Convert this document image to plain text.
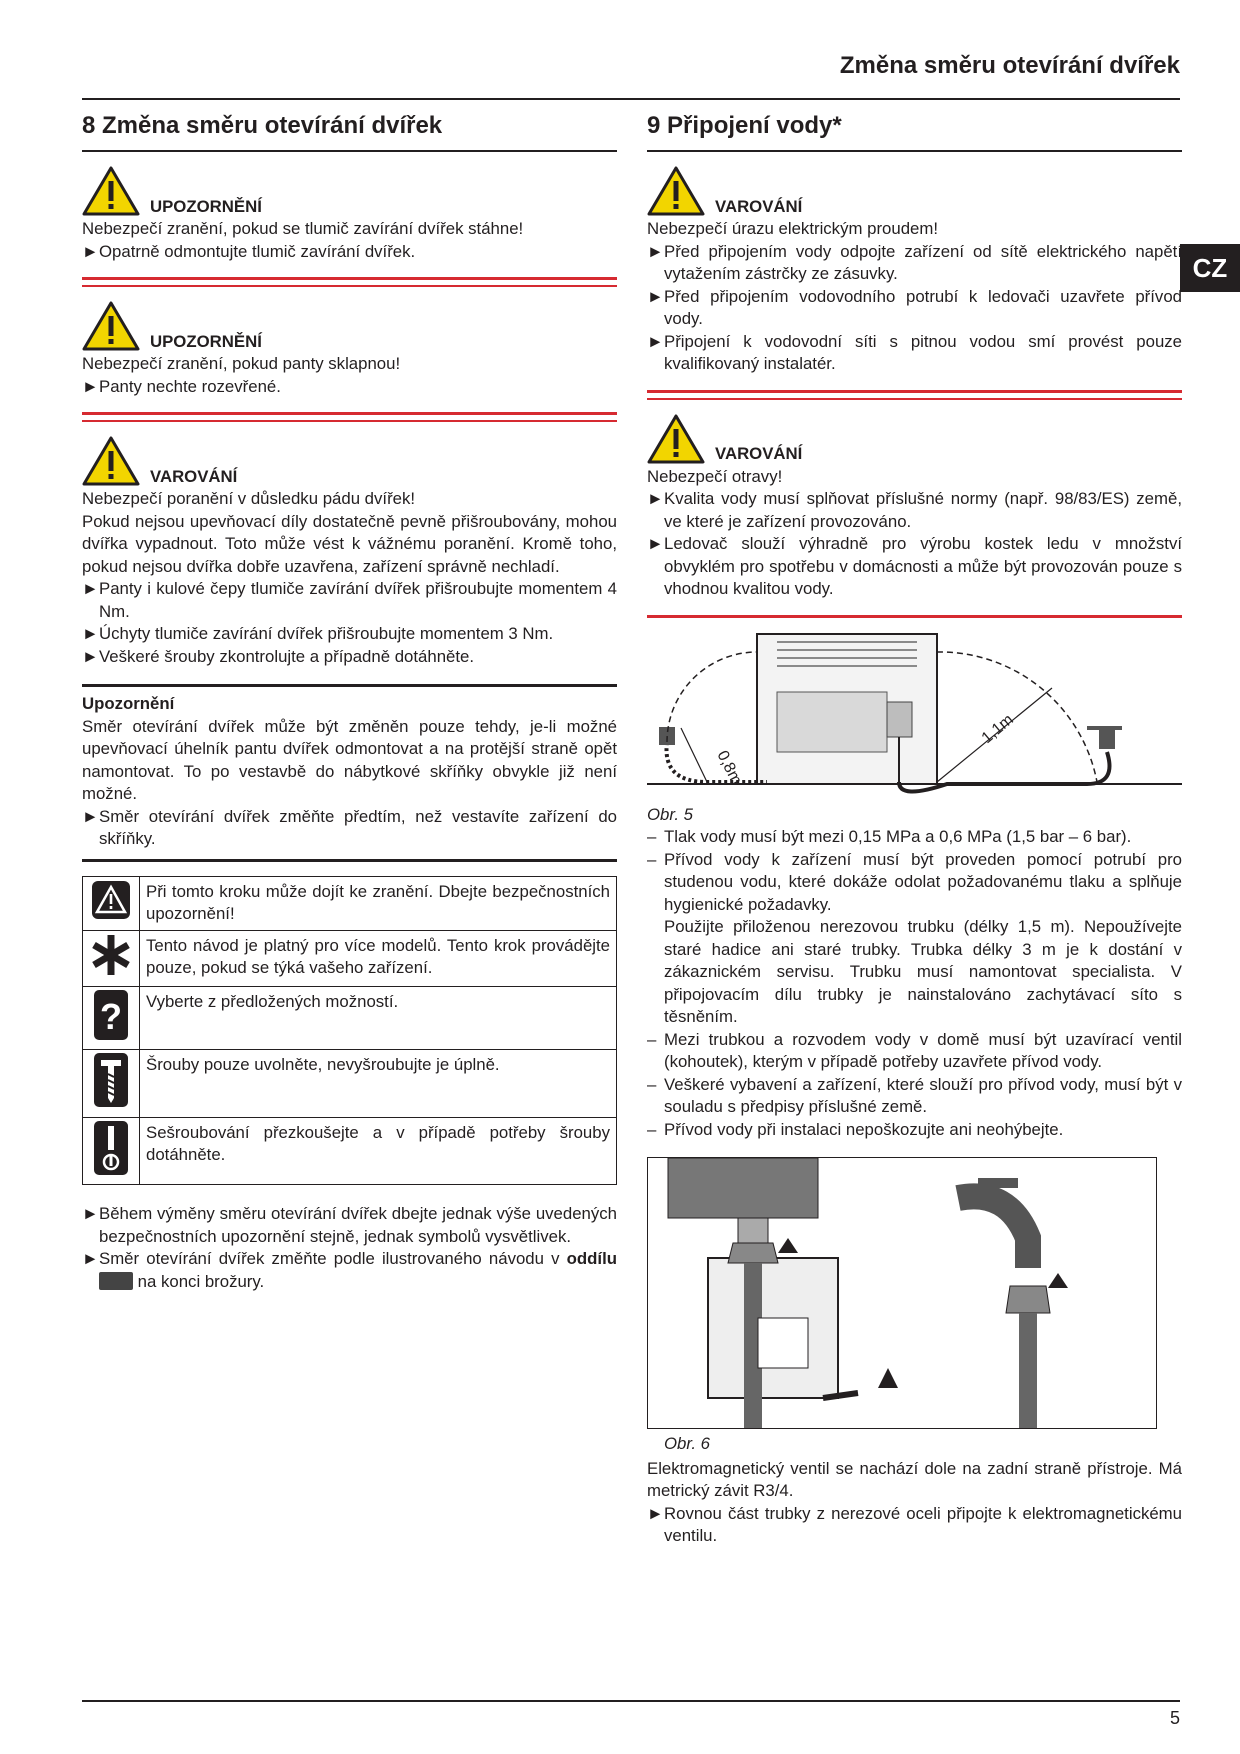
Změna směru otevírání dvířek
CZ
8 Změna směru otevírání dvířek
UPOZORNĚNÍ

Nebezpečí zranění, pokud se tlumič zavírání dvířek stáhne!

► Opatrně odmontujte tlumič zavírání dvířek.
UPOZORNĚNÍ

Nebezpečí zranění, pokud panty sklapnou!

► Panty nechte rozevřené.
VAROVÁNÍ

Nebezpečí poranění v důsledku pádu dvířek!

Pokud nejsou upevňovací díly dostatečně pevně přišroubovány, mohou dvířka vypadnout. Toto může vést k vážnému poranění. Kromě toho, pokud nejsou dvířka dobře uzavřena, zařízení správně nechladí.

► Panty i kulové čepy tlumiče zavírání dvířek přišroubujte momentem 4 Nm.
► Úchyty tlumiče zavírání dvířek přišroubujte momentem 3 Nm.
► Veškeré šrouby zkontrolujte a případně dotáhněte.
Upozornění

Směr otevírání dvířek může být změněn pouze tehdy, je-li možné upevňovací úhelník pantu dvířek odmontovat a na protější straně opět namontovat. To po vestavbě do nábytkové skříňky obvykle již není možné.

► Směr otevírání dvířek změňte předtím, než vestavíte zařízení do skříňky.
	Při tomto kroku může dojít ke zranění. Dbejte bezpečnostních upozornění!
	Tento návod je platný pro více modelů. Tento krok provádějte pouze, pokud se týká vašeho zařízení.

?	Vyberte z předložených možností.
	Šrouby pouze uvolněte, nevyšroubujte je úplně.
	Sešroubování přezkoušejte a v případě potřeby šrouby dotáhněte.
► Během výměny směru otevírání dvířek dbejte jednak výše uvedených bezpečnostních upozornění stejně, jednak symbolů vysvětlivek.
► Směr otevírání dvířek změňte podle ilustrovaného návodu v oddílu  na konci brožury.
9 Připojení vody*
VAROVÁNÍ

Nebezpečí úrazu elektrickým proudem!

► Před připojením vody odpojte zařízení od sítě elektrického napětí vytažením zástrčky ze zásuvky.
► Před připojením vodovodního potrubí k ledovači uzavřete přívod vody.
► Připojení k vodovodní síti s pitnou vodou smí provést pouze kvalifikovaný instalatér.
VAROVÁNÍ

Nebezpečí otravy!

► Kvalita vody musí splňovat příslušné normy (např. 98/83/ES) země, ve které je zařízení provozováno.
► Ledovač slouží výhradně pro výrobu kostek ledu v množství obvyklém pro spotřebu v domácnosti a může být provozován pouze s vhodnou kvalitou vody.
0,8m
1,1m
Obr. 5
– Tlak vody musí být mezi 0,15 MPa a 0,6 MPa (1,5 bar – 6 bar).
– Přívod vody k zařízení musí být proveden pomocí potrubí pro studenou vodu, které dokáže odolat požadovanému tlaku a splňuje hygienické požadavky.
Použijte přiloženou nerezovou trubku (délky 1,5 m). Nepoužívejte staré hadice ani staré trubky. Trubka délky 3 m je k dostání v zákaznickém servisu. Trubku musí namontovat specialista. V připojovacím dílu trubky je nainstalováno zachytávací síto s těsněním.
– Mezi trubkou a rozvodem vody v domě musí být uzavírací ventil (kohoutek), kterým v případě potřeby uzavřete přívod vody.
– Veškeré vybavení a zařízení, které slouží pro přívod vody, musí být v souladu s předpisy příslušné země.
– Přívod vody při instalaci nepoškozujte ani neohýbejte.
Obr. 6

Elektromagnetický ventil se nachází dole na zadní straně přístroje. Má metrický závit R3/4.

► Rovnou část trubky z nerezové oceli připojte k elektromagnetickému ventilu.
5
